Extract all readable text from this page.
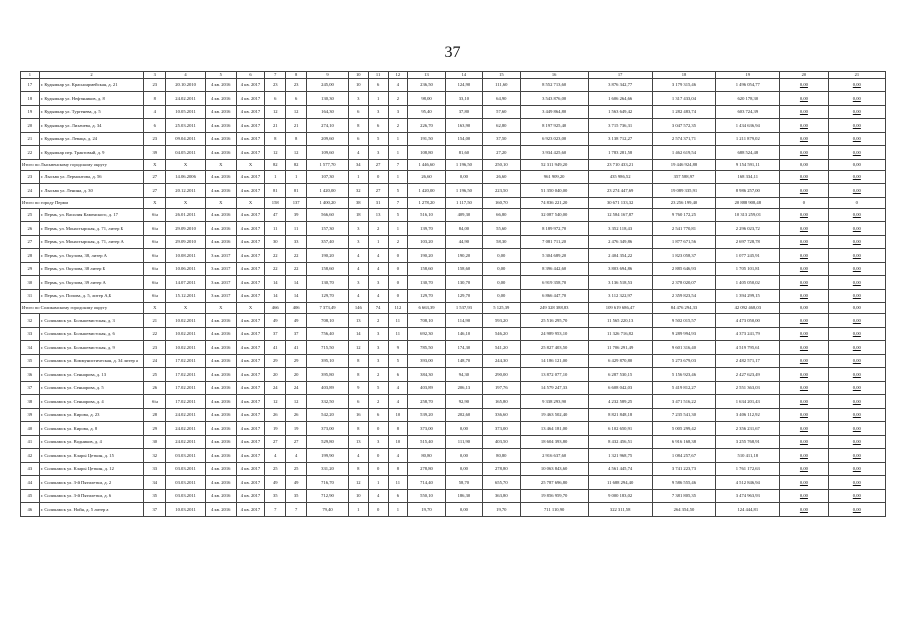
37
1	2	3	4	5	6	7	8	9	10	11	12	13	14	15	16	17	18	19	20	21
17	г. Кудымкар ул. Красноармейская, д. 21	23	20.10.2010	4 кв. 2016	4 кв. 2017	23	23	245,00	10	6	4	236,50	124,90	111,60	8 552 713,60	3 876 342,77	3 179 315,46	1 496 054,77	0,00	0,00
18	г. Кудымкар ул. Нефтяников, д. 8	8	24.02.2011	4 кв. 2016	4 кв. 2017	6	6	130,30	3	1	2	98,00	33,10	64,90	3 543 876,00	1 606 264,66	1 317 433,04	620 178,30	0,00	0,00
19	г. Кудымкар ул. Тургенева, д. 5	4	10.05.2011	4 кв. 2016	4 кв. 2017	12	12	164,30	6	3	3	95,40	37,80	57,60	3 449 864,80	1 563 649,42	1 282 483,74	603 724,39	0,00	0,00
20	г. Кудымкар ул. Лихачева, д. 34	6	25.03.2011	4 кв. 2016	4 кв. 2017	21	21	274,10	8	6	2	226,70	163,90	62,80	8 197 925,40	3 715 736,31	3 047 572,35	1 434 636,94	0,00	0,00
21	г. Кудымкар ул. Леваца, д. 24	23	09.04.2011	4 кв. 2016	4 кв. 2017	8	8	209,60	6	5	1	191,50	154,00	37,50	6 923 023,00	3 138 712,27	2 574 371,71	1 211 879,02	0,00	0,00
22	г. Кудымкар пер. Трактовый, д. 9	39	04.05.2011	4 кв. 2016	4 кв. 2017	12	12	109,60	4	3	1	108,80	81,60	27,20	3 934 425,60	1 783 281,58	1 462 619,54	688 524,48	0,00	0,00
Итого по Лысьвенскому городскому округу		X	X	X	X	82	82	1 577,70	34	27	7	1 446,60	1 196,50	250,10	52 311 949,20	23 710 433,21	19 446 924,88	9 154 591,11	0,00	0,00
23	г. Лысьва ул. Лермонтова, д. 56	27	14.06.2006	4 кв. 2016	4 кв. 2017	1	1	107,30	1	0	1	26,60	0,00	26,60	961 909,20	435 986,52	357 588,97	168 334,11	0,00	0,00
24	г. Лысьва ул. Ленина, д. 30	27	20.12.2011	4 кв. 2016	4 кв. 2017	81	81	1 420,00	32	27	5	1 420,00	1 196,50	223,50	51 350 040,00	23 274 447,69	19 089 335,91	8 986 257,00	0,00	0,00
Итого по городу Перми		X	X	X	X	158	137	1 400,20	38	31	7	1 278,20	1 117,50	160,70	74 836 221,20	30 671 133,32	23 256 199,40	20 888 908,48	0	0
25	г. Пермь, ул. Василия Каменского, д. 17	б/н	26.01.2011	4 кв. 2016	4 кв. 2017	47	39	566,60	18	13	5	516,10	409,30	66,80	32 087 540,00	12 584 167,87	9 760 172,25	10 313 259,01	0,00	0,00
26	г. Пермь, ул. Монастырская, д. 71, литер Б	б/н	29.09.2010	4 кв. 2016	4 кв. 2017	11	11	157,30	3	2	1	139,70	84,00	55,60	8 189 972,70	3 352 118,43	2 541 770,81	2 296 023,72	0,00	0,00
27	г. Пермь, ул. Монастырская, д. 71, литер А	б/н	29.09.2010	4 кв. 2016	4 кв. 2017	30	33	357,40	3	1	2	103,20	44,90	58,30	7 081 711,20	2 476 349,86	1 877 671,56	2 697 728,78	0,00	0,00
28	г. Пермь, ул. Окулова, 38, литер А	б/н	10.08.2011	3 кв. 2017	4 кв. 2017	22	22	190,20	4	4	0	190,20	190,20	0,00	5 304 689,20	2 404 354,22	1 823 058,37	1 077 245,91	0,00	0,00
29	г. Пермь, ул. Окулова, 38 литер Б	б/н	10.06.2011	3 кв. 2017	4 кв. 2017	22	22	158,60	4	4	0	158,60	158,60	0,00	8 396 442,60	3 803 694,86	2 885 646,93	1 705 101,81	0,00	0,00
30	г. Пермь, ул. Окулова, 39 литер А	б/н	14.07.2011	3 кв. 2017	4 кв. 2017	14	14	130,70	3	3	0	130,70	130,70	0,00	6 919 358,70	3 136 518,53	2 378 020,07	1 405 050,02	0,00	0,00
31	г. Пермь, ул. Попова, д. 5, литер А,Б	б/н	15.12.2011	3 кв. 2017	4 кв. 2017	14	14	129,70	4	4	0	129,70	129,70	0,00	6 866 447,70	3 112 322,97	2 359 823,54	1 394 299,15	0,00	0,00
Итого по Соликамскому городскому округу		X	X	X	X	466	406	7 373,49	146	74	112	6 663,39	1 537,93	5 125,39	249 328 388,83	109 619 686,47	84 476 294,33	42 092 468,03	0,00	0,00
32	г. Соликамск ул. Большевистская, д. 3	21	10.02.2011	4 кв. 2016	4 кв. 2017	49	49	708,10	13	2	11	708,10	114,90	593,20	25 516 295,70	11 565 220,13	9 502 015,57	4 473 050,00	0,00	0,00
33	г. Соликамск ул. Большевистская, д. 6	22	10.02.2011	4 кв. 2016	4 кв. 2017	37	37	756,40	14	3	11	692,30	146,10	546,20	24 989 953,10	11 326 716,82	9 289 994,93	4 373 241,79	0,00	0,00
34	г. Соликамск ул. Большевистская, д. 9	23	10.02.2011	4 кв. 2016	4 кв. 2017	41	41	715,50	12	3	9	785,50	174,30	541,20	25 827 403,50	11 706 291,49	9 601 316,40	4 519 795,61	0,00	0,00
35	г. Соликамск ул. Коммунистическая, д. 34 литер а	24	17.02.2011	4 кв. 2016	4 кв. 2017	29	29	395,10	8	3	5	393,00	148,70	244,30	14 186 121,00	6 429 870,80	5 273 679,03	2 482 571,17	0,00	0,00
36	г. Соликамск ул. Сеннарова, д. 13	25	17.02.2011	4 кв. 2016	4 кв. 2017	20	20	395,80	8	2	6	384,30	94,30	290,00	13 872 077,10	6 287 530,15	5 156 923,46	2 427 623,49	0,00	0,00
37	г. Соликамск ул. Сеннарова, д. 5	26	17.02.2011	4 кв. 2016	4 кв. 2017	24	24	403,89	9	5	4	403,89	206,13	197,76	14 579 247,33	6 608 042,03	5 419 812,27	2 551 363,03	0,00	0,00
38	г. Соликамск ул. Сеннарова, д. 4	б/н	17.02.2011	4 кв. 2016	4 кв. 2017	12	12	332,50	6	2	4	258,70	92,90	165,80	9 338 293,90	4 232 589,25	3 471 516,22	1 634 201,43	0,00	0,00
39	г. Соликамск ул. Кирова, д. 23	28	24.02.2011	4 кв. 2016	4 кв. 2017	26	26	542,20	16	6	10	539,20	202,60	336,60	19 463 502,40	8 821 848,18	7 235 541,30	3 406 112,92	0,00	0,00
40	г. Соликамск ул. Кирова, д. 8	29	24.02.2011	4 кв. 2016	4 кв. 2017	19	19	373,00	8	0	8	373,00	0,00	373,00	13 464 181,00	6 102 650,91	5 005 299,42	2 356 231,67	0,00	0,00
41	г. Соликамск ул. Водников, д. 4	30	24.02.2011	4 кв. 2016	4 кв. 2017	27	27	529,80	13	3	10	515,40	111,90	403,50	18 604 393,80	8 432 456,51	6 916 168,38	3 255 768,91	0,00	0,00
42	г. Соликамск ул. Кларьі Цеткин, д. 15	32	03.03.2011	4 кв. 2016	4 кв. 2017	4	4	199,90	4	0	4	80,80	0,00	80,80	2 916 637,60	1 321 968,75	1 084 257,67	510 411,18	0,00	0,00
43	г. Соликамск ул. Кларьі Цеткин, д. 12	33	03.03.2011	4 кв. 2016	4 кв. 2017	25	25	331,20	8	0	8	278,80	0,00	278,80	10 063 843,60	4 561 445,74	3 741 223,73	1 761 172,63	0,00	0,00
44	г. Соликамск ул. 3-й Пятилетки, д. 2	34	03.03.2011	4 кв. 2016	4 кв. 2017	49	49	716,70	12	1	11	714,40	58,70	655,70	25 787 696,80	11 688 294,40	9 586 555,46	4 512 846,94	0,00	0,00
45	г. Соликамск ул. 3-й Пятилетки, д. 6	35	03.03.2011	4 кв. 2016	4 кв. 2017	35	35	712,90	10	4	6	550,10	186,30	363,80	19 856 959,70	9 000 183,02	7 381 805,35	3 474 963,93	0,00	0,00
46	г. Соликамск ул. Нойя, д. 5 литер а	37	10.03.2011	4 кв. 2016	4 кв. 2017	7	7	79,40	1	0	1	19,70	0,00	19,70	711 110,90	322 311,58	264 354,50	124 444,81	0,00	0,00
